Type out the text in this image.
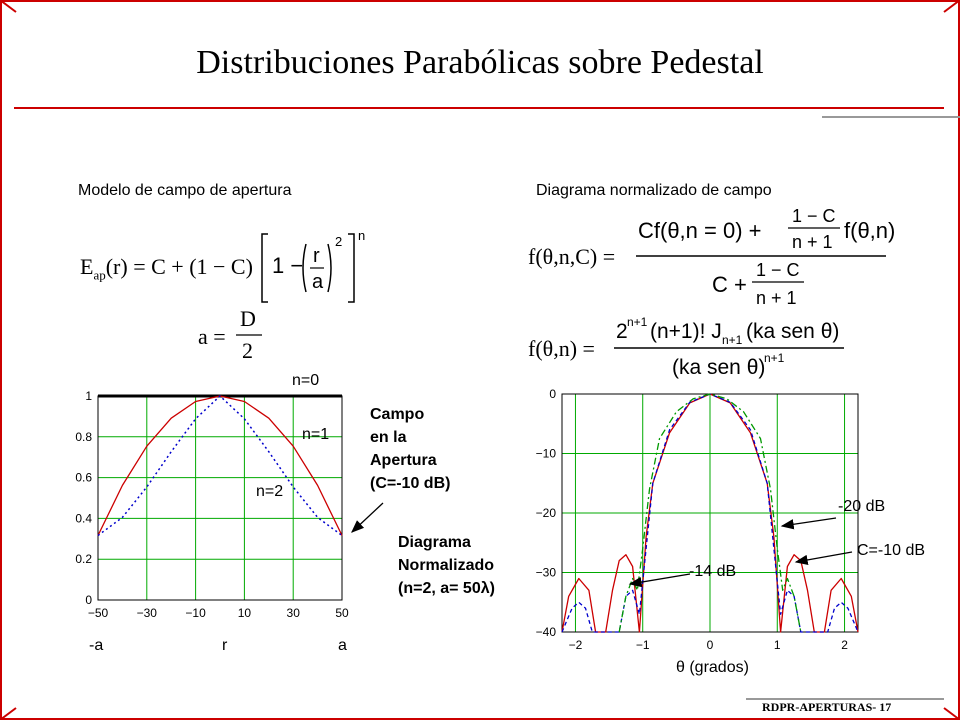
Distribuciones Parabólicas sobre Pedestal
Modelo de campo de apertura	Diagrama normalizado de campo
$E_{ap}(r) = C + (1 - C) 1 - r$
a
2 n
a =
D
2
f(θ,n,C) =
Cf(θ,n = 0) +
1 − C
n + 1 f(θ,n)
C +
1 − C
n + 1
f(θ,n) =
2 n+1 (n+1)! J n+1 (ka sen θ)
(ka sen θ)
n+1
−50 −30 −10	10	30	50
0
0.2
0.4
0.6
0.8
1
−2	−1	0	1	2
0
−10
−20
−30
−40
-a	r	a
n=0
n=1
n=2
Campo
en la
Apertura
(C=-10 dB)
Diagrama
Normalizado
(n=2, a= 50λ)
-20 dB
C=-10 dB
-14 dB
θ (grados)
RDPR-APERTURAS- 17
